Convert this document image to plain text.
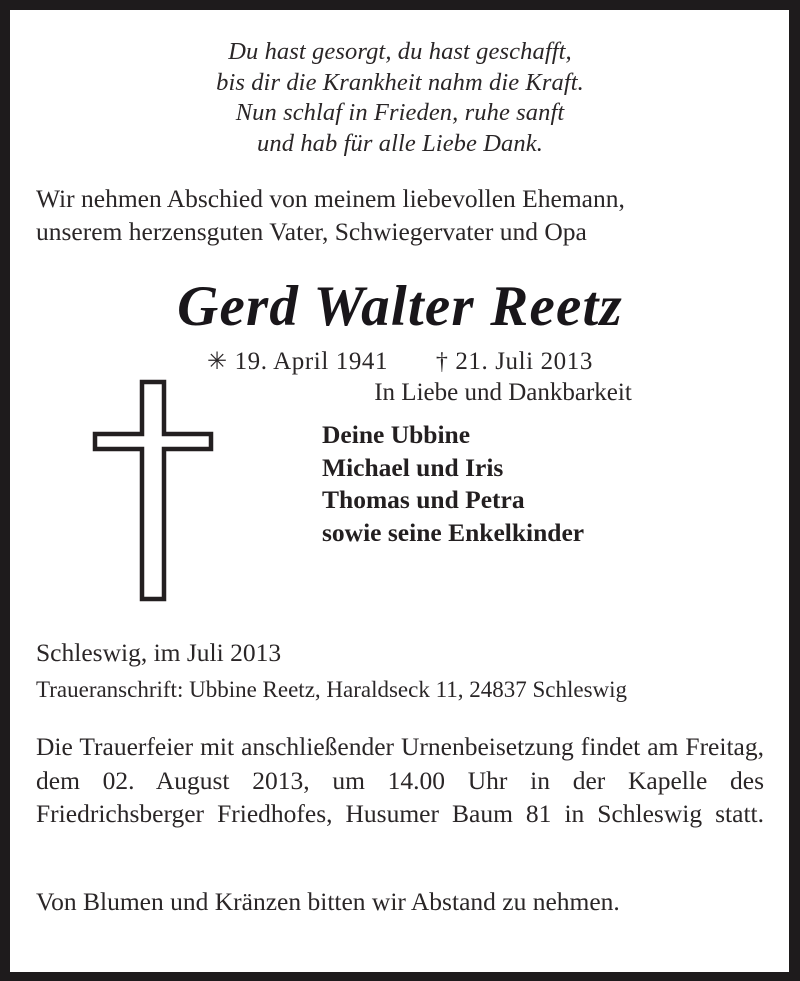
Du hast gesorgt, du hast geschafft,
bis dir die Krankheit nahm die Kraft.
Nun schlaf in Frieden, ruhe sanft
und hab für alle Liebe Dank.
Wir nehmen Abschied von meinem liebevollen Ehemann,
unserem herzensguten Vater, Schwiegervater und Opa
Gerd Walter Reetz
✳ 19. April 1941 † 21. Juli 2013

In Liebe und Dankbarkeit

Deine Ubbine
Michael und Iris
Thomas und Petra
sowie seine Enkelkinder

Schleswig, im Juli 2013

Traueranschrift: Ubbine Reetz, Haraldseck 11, 24837 Schleswig

Die Trauerfeier mit anschließender Urnenbeisetzung findet am Freitag, dem 02. August 2013, um 14.00 Uhr in der Kapelle des Friedrichsberger Friedhofes, Husumer Baum 81 in Schleswig statt.

Von Blumen und Kränzen bitten wir Abstand zu nehmen.
